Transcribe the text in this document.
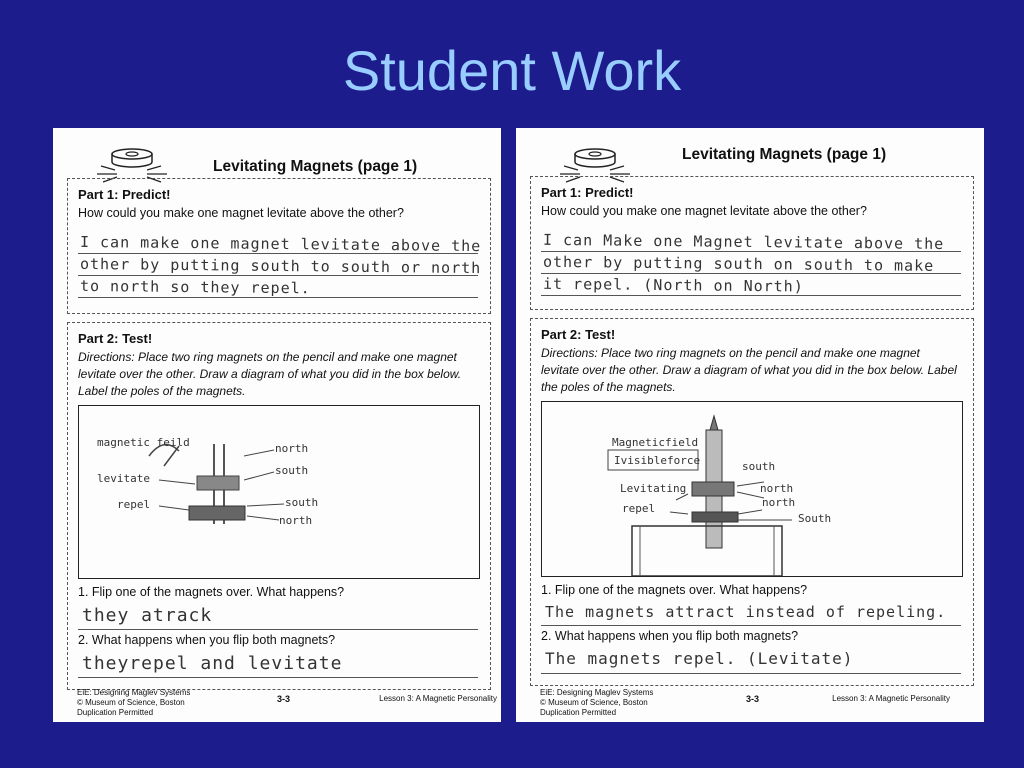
Student Work
Levitating Magnets (page 1)
Part 1: Predict!
How could you make one magnet levitate above the other?
I can make one magnet levitate above the
other by putting south to south or north
to north so they repel.
Part 2: Test!
Directions: Place two ring magnets on the pencil and make one magnet levitate over the other. Draw a diagram of what you did in the box below. Label the poles of the magnets.
magnetic feild
levitate
repel
north
south
south
north
1. Flip one of the magnets over. What happens?
they atrack
2. What happens when you flip both magnets?
theyrepel and levitate
EiE: Designing Maglev Systems
© Museum of Science, Boston
Duplication Permitted
3-3	Lesson 3: A Magnetic Personality
Levitating Magnets (page 1)
Part 1: Predict!
How could you make one magnet levitate above the other?
I can Make one Magnet levitate above the
other by putting south on south to make
it repel. (North on North)
Part 2: Test!
Directions: Place two ring magnets on the pencil and make one magnet levitate over the other. Draw a diagram of what you did in the box below. Label the poles of the magnets.
Magneticfield
Ivisibleforce
Levitating
repel
south
north
north
South
1. Flip one of the magnets over. What happens?
The magnets attract instead of repeling.
2. What happens when you flip both magnets?
The magnets repel. (Levitate)
EiE: Designing Maglev Systems
© Museum of Science, Boston
Duplication Permitted
3-3	Lesson 3: A Magnetic Personality
